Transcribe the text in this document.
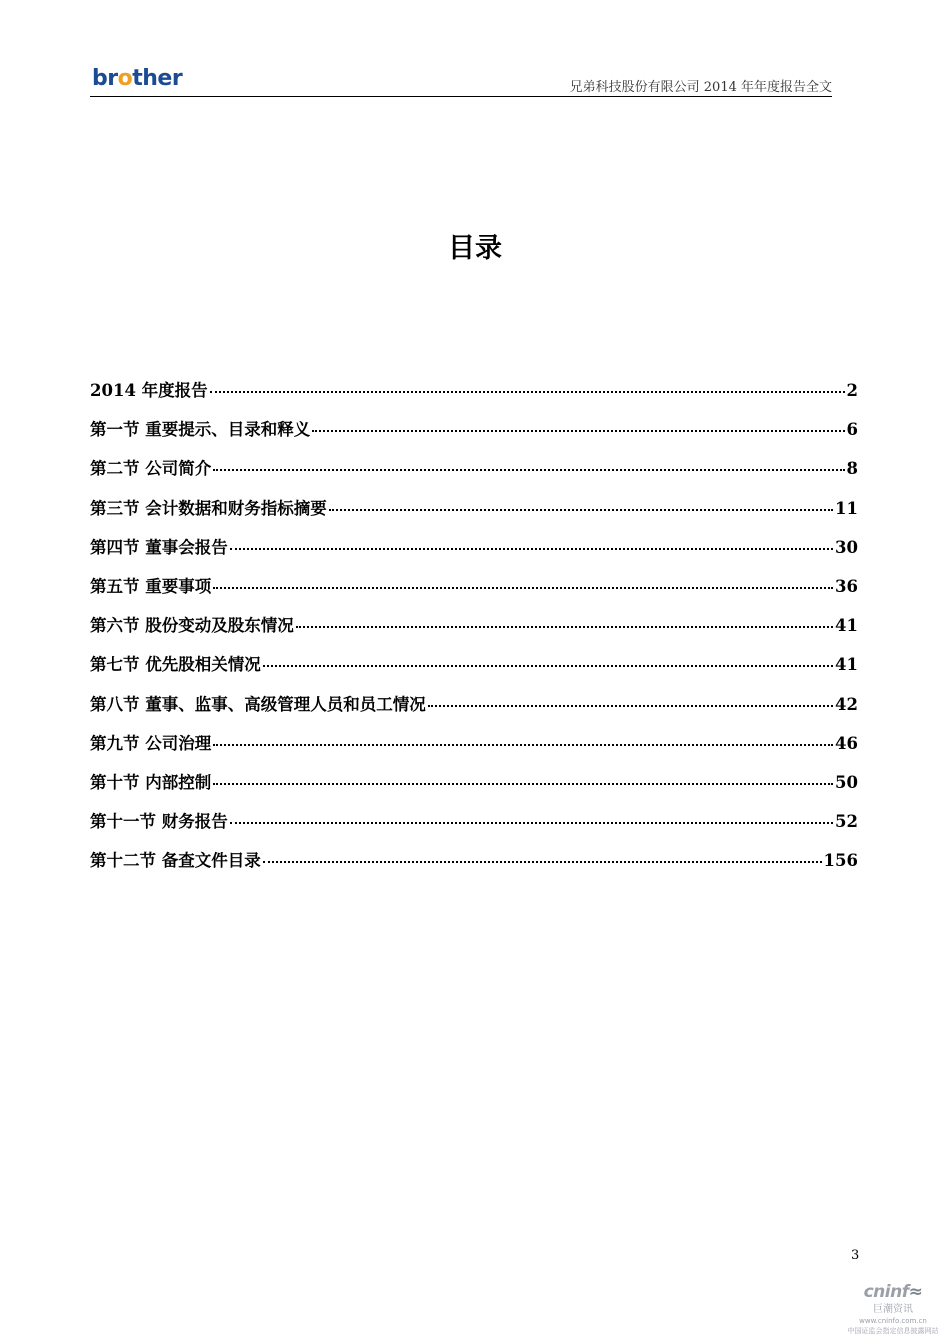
brother	兄弟科技股份有限公司 2014 年年度报告全文
目录
2014 年度报告	2
第一节 重要提示、目录和释义	6
第二节 公司简介	8
第三节 会计数据和财务指标摘要	11
第四节 董事会报告	30
第五节 重要事项	36
第六节 股份变动及股东情况	41
第七节 优先股相关情况	41
第八节 董事、监事、高级管理人员和员工情况	42
第九节 公司治理	46
第十节 内部控制	50
第十一节 财务报告	52
第十二节 备查文件目录	156
3
cninf≈
巨潮资讯
www.cninfo.com.cn
中国证监会指定信息披露网站
